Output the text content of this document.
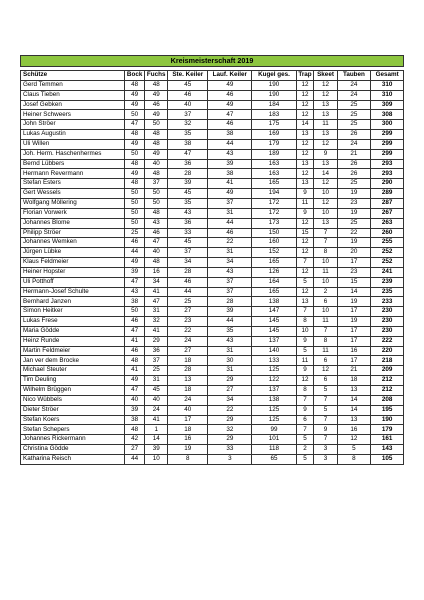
Kreismeisterschaft 2019									

Schütze	Bock	Fuchs	Ste. Keiler	Lauf. Keiler	Kugel ges.	Trap	Skeet	Tauben	Gesamt
Gerd Temmen	48	48	45	49	190	12	12	24	310
Claus Tieben	49	49	46	46	190	12	12	24	310
Josef Gebken	49	46	40	49	184	12	13	25	309
Heiner Schweers	50	49	37	47	183	12	13	25	308
John Ströer	47	50	32	46	175	14	11	25	300
Lukas Augustin	48	48	35	38	169	13	13	26	299
Uli Willen	49	48	38	44	179	12	12	24	299
Joh. Herm. Haschenhermes	50	49	47	43	189	12	9	21	299
Bernd Lübbers	48	40	36	39	163	13	13	26	293
Hermann Revermann	49	48	28	38	163	12	14	26	293
Stefan Esters	48	37	39	41	165	13	12	25	290
Gert Wessels	50	50	45	49	194	9	10	19	289
Wolfgang Möllering	50	50	35	37	172	11	12	23	287
Florian Vorwerk	50	48	43	31	172	9	10	19	267
Johannes Blome	50	43	36	44	173	12	13	25	263
Philipp Ströer	25	46	33	46	150	15	7	22	260
Johannes Wemken	46	47	45	22	160	12	7	19	255
Jürgen Lübke	44	40	37	31	152	12	8	20	252
Klaus Feldmeier	49	48	34	34	165	7	10	17	252
Heiner Hopster	39	16	28	43	126	12	11	23	241
Uli Potthoff	47	34	46	37	164	5	10	15	239
Hermann-Josef Schulte	43	41	44	37	165	12	2	14	235
Bernhard Janzen	38	47	25	28	138	13	6	19	233
Simon Heitker	50	31	27	39	147	7	10	17	230
Lukas Frese	46	32	23	44	145	8	11	19	230
Maria Gödde	47	41	22	35	145	10	7	17	230
Heinz Runde	41	29	24	43	137	9	8	17	222
Martin Feldmeier	46	36	27	31	140	5	11	16	220
Jan ver dem Brocke	48	37	18	30	133	11	6	17	218
Michael Steuter	41	25	28	31	125	9	12	21	209
Tim Deuling	49	31	13	29	122	12	6	18	212
Wilhelm Brüggen	47	45	18	27	137	8	5	13	212
Nico Wübbels	40	40	24	34	138	7	7	14	208
Dieter Ströer	39	24	40	22	125	9	5	14	195
Stefan Koers	38	41	17	29	125	6	7	13	190
Stefan Schepers	48	1	18	32	99	7	9	16	179
Johannes Rickermann	42	14	16	29	101	5	7	12	161
Christina Gödde	27	39	19	33	118	2	3	5	143
Katharina Reisch	44	10	8	3	65	5	3	8	105
